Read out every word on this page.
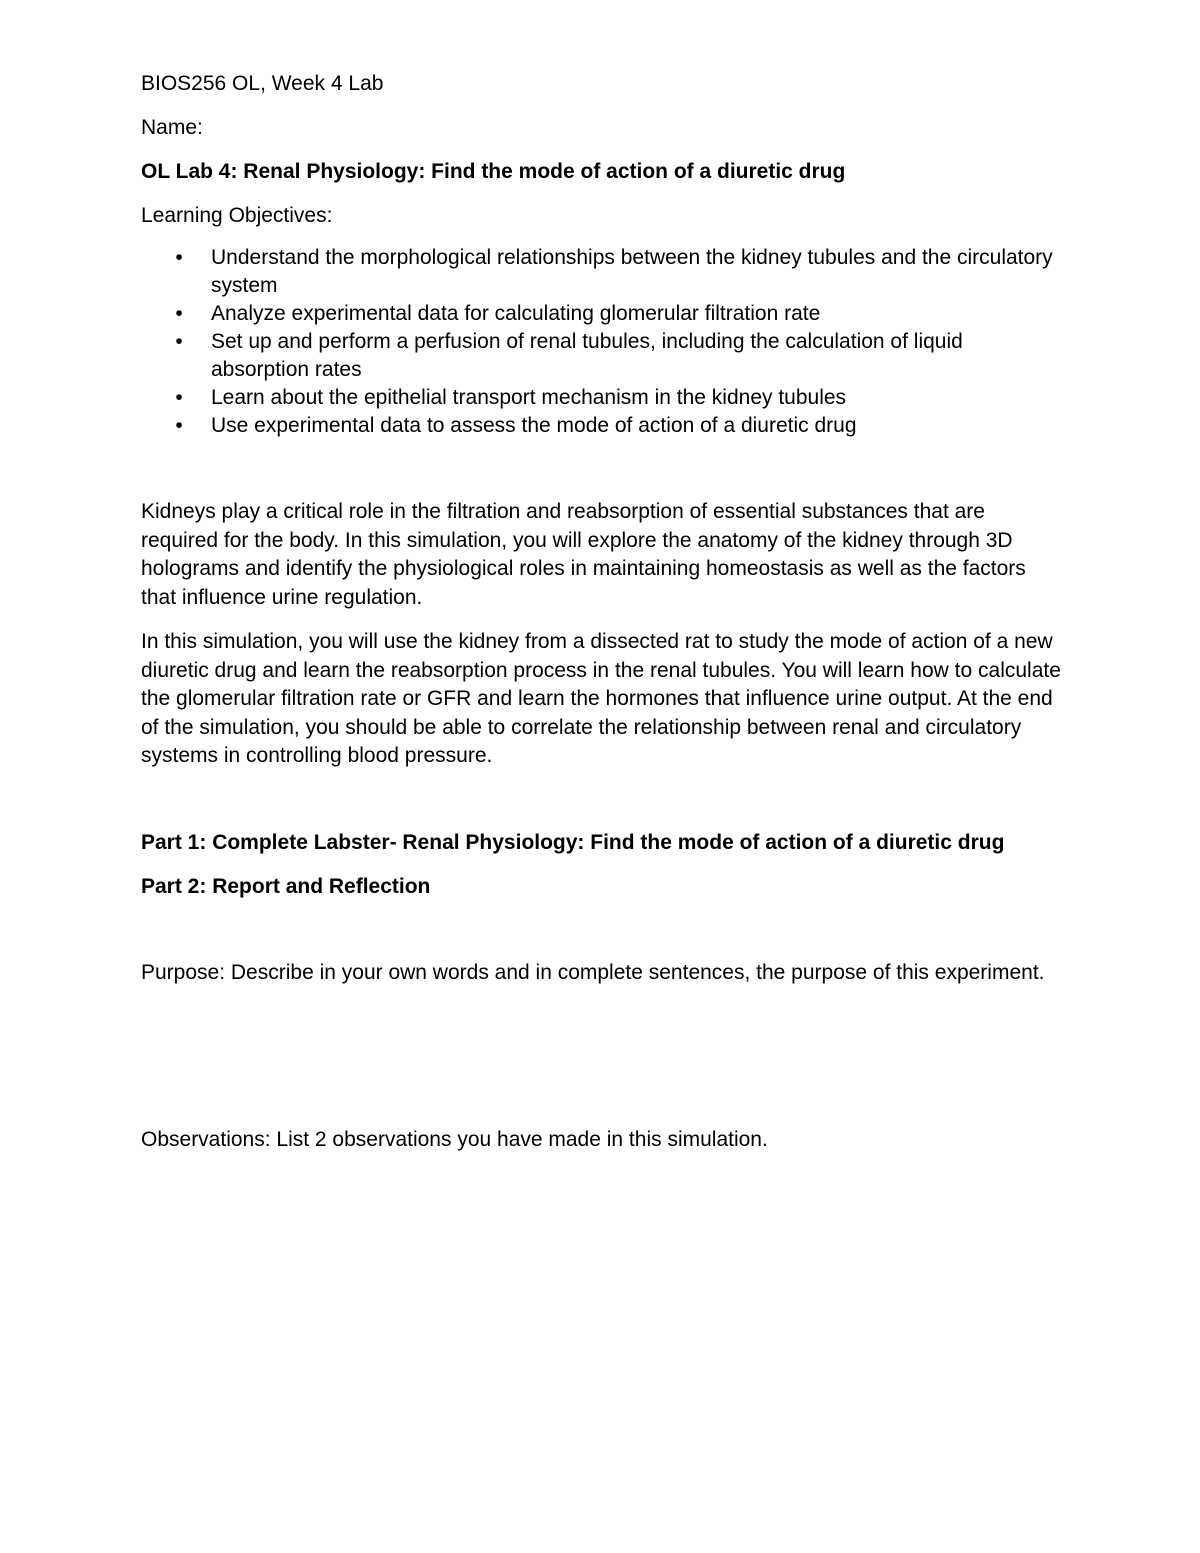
BIOS256 OL, Week 4 Lab

Name:

OL Lab 4: Renal Physiology: Find the mode of action of a diuretic drug

Learning Objectives:

• Understand the morphological relationships between the kidney tubules and the circulatory system
• Analyze experimental data for calculating glomerular filtration rate
• Set up and perform a perfusion of renal tubules, including the calculation of liquid absorption rates
• Learn about the epithelial transport mechanism in the kidney tubules
• Use experimental data to assess the mode of action of a diuretic drug

Kidneys play a critical role in the filtration and reabsorption of essential substances that are required for the body. In this simulation, you will explore the anatomy of the kidney through 3D holograms and identify the physiological roles in maintaining homeostasis as well as the factors that influence urine regulation.

In this simulation, you will use the kidney from a dissected rat to study the mode of action of a new diuretic drug and learn the reabsorption process in the renal tubules. You will learn how to calculate the glomerular filtration rate or GFR and learn the hormones that influence urine output. At the end of the simulation, you should be able to correlate the relationship between renal and circulatory systems in controlling blood pressure.

Part 1: Complete Labster- Renal Physiology: Find the mode of action of a diuretic drug

Part 2: Report and Reflection

Purpose: Describe in your own words and in complete sentences, the purpose of this experiment.

Observations: List 2 observations you have made in this simulation.
